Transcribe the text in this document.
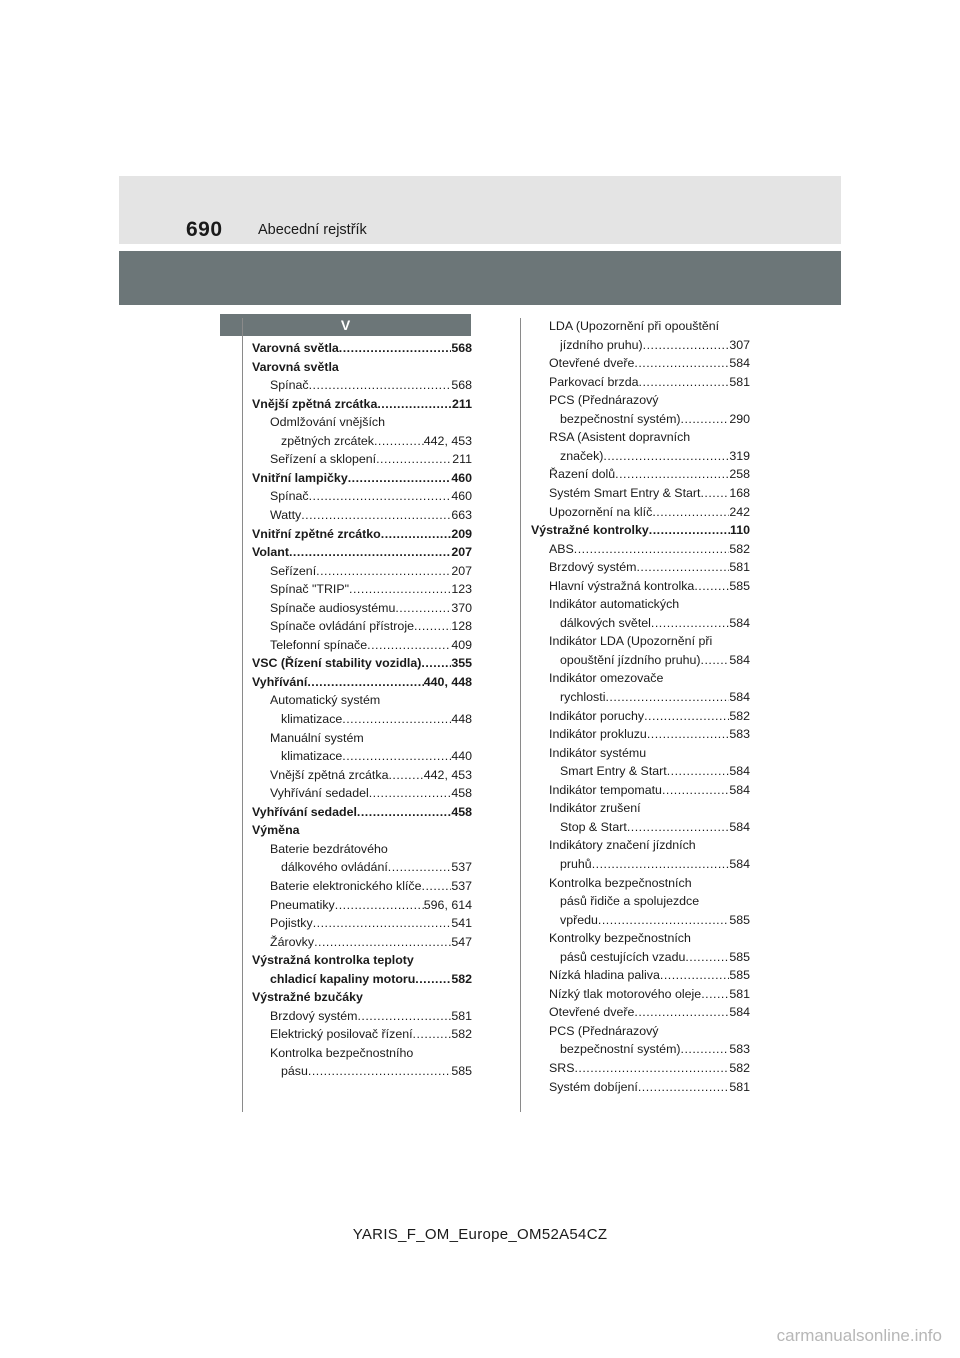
690 Abecední rejstřík
V
Varovná světla .....	568
Varovná světla
Spínač .....	568
Vnější zpětná zrcátka .....	211
Odmlžování vnějších
zpětných zrcátek .....	442, 453
Seřízení a sklopení .....	211
Vnitřní lampičky .....	460
Spínač .....	460
Watty .....	663
Vnitřní zpětné zrcátko .....	209
Volant .....	207
Seřízení .....	207
Spínač "TRIP" .....	123
Spínače audiosystému .....	370
Spínače ovládání přístroje .....	128
Telefonní spínače .....	409
VSC (Řízení stability vozidla) ..... 355
Vyhřívání .....	440, 448
Automatický systém
klimatizace .....	448
Manuální systém
klimatizace .....	440
Vnější zpětná zrcátka .....	442, 453
Vyhřívání sedadel .....	458
Vyhřívání sedadel .....	458
Výměna
Baterie bezdrátového
dálkového ovládání .....	537
Baterie elektronického klíče ..... 537
Pneumatiky .....	596, 614
Pojistky .....	541
Žárovky .....	547
Výstražná kontrolka teploty
chladicí kapaliny motoru .....	582
Výstražné bzučáky
Brzdový systém .....	581
Elektrický posilovač řízení .....	582
Kontrolka bezpečnostního
pásu .....	585
LDA (Upozornění při opouštění
jízdního pruhu) .....	307
Otevřené dveře .....	584
Parkovací brzda .....	581
PCS (Přednárazový
bezpečnostní systém) .....	290
RSA (Asistent dopravních
značek) .....	319
Řazení dolů .....	258
Systém Smart Entry & Start ..... 168
Upozornění na klíč .....	242
Výstražné kontrolky .....	110
ABS .....	582
Brzdový systém .....	581
Hlavní výstražná kontrolka .....	585
Indikátor automatických
dálkových světel .....	584
Indikátor LDA (Upozornění při
opouštění jízdního pruhu) ..... 584
Indikátor omezovače
rychlosti .....	584
Indikátor poruchy .....	582
Indikátor prokluzu .....	583
Indikátor systému
Smart Entry & Start .....	584
Indikátor tempomatu .....	584
Indikátor zrušení
Stop & Start .....	584
Indikátory značení jízdních
pruhů .....	584
Kontrolka bezpečnostních
pásů řidiče a spolujezdce
vpředu .....	585
Kontrolky bezpečnostních
pásů cestujících vzadu .....	585
Nízká hladina paliva .....	585
Nízký tlak motorového oleje ..... 581
Otevřené dveře .....	584
PCS (Přednárazový
bezpečnostní systém) .....	583
SRS .....	582
Systém dobíjení .....	581
YARIS_F_OM_Europe_OM52A54CZ
carmanualsonline.info
